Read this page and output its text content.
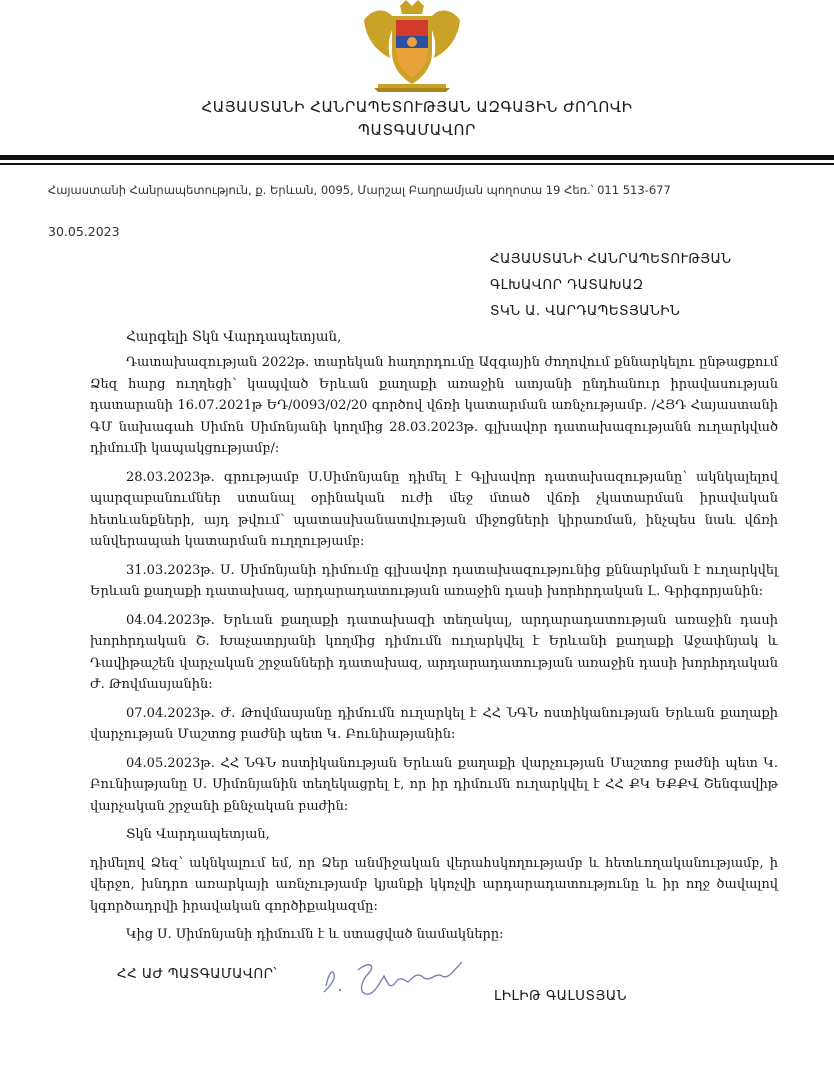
ՀԱՅԱՍՏԱՆԻ ՀԱՆՐԱՊԵՏՈՒԹՅԱՆ ԱԶԳԱՅԻՆ ԺՈՂՈՎԻ
ՊԱՏԳԱՄԱՎՈՐ
Հայաստանի Հանրապետություն, ք. Երևան, 0095, Մարշալ Բաղրամյան պողոտա 19 Հեռ.՝ 011 513-677
30.05.2023
ՀԱՅԱՍՏԱՆԻ ՀԱՆՐԱՊԵՏՈՒԹՅԱՆ
ԳԼԽԱՎՈՐ ԴԱՏԱԽԱԶ
ՏԿՆ Ա. ՎԱՐԴԱՊԵՏՅԱՆԻՆ
Հարգելի Տկն Վարդապետյան,

Դատախազության 2022թ. տարեկան հաղորդումը Ազգային ժողովում քննարկելու ընթացքում Ձեզ հարց ուղղեցի՝ կապված Երևան քաղաքի առաջին ատյանի ընդհանուր իրավասության դատարանի 16.07.2021թ ԵԴ/0093/02/20 գործով վճռի կատարման առնչությամբ. /ՀՅԴ Հայաստանի ԳՄ նախագահ Սիմոն Սիմոնյանի կողմից 28.03.2023թ. գլխավոր դատախազությանն ուղարկված դիմումի կապակցությամբ/:

28.03.2023թ. գրությամբ Ս.Սիմոնյանը դիմել է Գլխավոր դատախազությանը՝ ակնկալելով պարզաբանումներ ստանալ օրինական ուժի մեջ մտած վճռի չկատարման իրավական հետևանքների, այդ թվում՝ պատասխանատվության միջոցների կիրառման, ինչպես նաև վճռի անվերապահ կատարման ուղղությամբ:

31.03.2023թ. Ս. Սիմոնյանի դիմումը գլխավոր դատախազությունից քննարկման է ուղարկվել Երևան քաղաքի դատախազ, արդարադատության առաջին դասի խորհրդական Լ. Գրիգորյանին:

04.04.2023թ. Երևան քաղաքի դատախազի տեղակալ, արդարադատության առաջին դասի խորհրդական Շ. Խաչատրյանի կողմից դիմումն ուղարկվել է Երևանի քաղաքի Աջափնյակ և Դավիթաշեն վարչական շրջանների դատախազ, արդարադատության առաջին դասի խորհրդական Ժ. Թովմասյանին:

07.04.2023թ. Ժ. Թովմասյանը դիմումն ուղարկել է ՀՀ ՆԳՆ ոստիկանության Երևան քաղաքի վարչության Մաշտոց բաժնի պետ Կ. Բունիաթյանին:

04.05.2023թ. ՀՀ ՆԳՆ ոստիկանության Երևան քաղաքի վարչության Մաշտոց բաժնի պետ Կ. Բունիաթյանը Ս. Սիմոնյանին տեղեկացրել է, որ իր դիմումն ուղարկվել է ՀՀ ՔԿ ԵՔՔՎ Շենգավիթ վարչական շրջանի քննչական բաժին:

Տկն Վարդապետյան,

դիմելով Ձեզ՝ ակնկալում եմ, որ Ձեր անմիջական վերահսկողությամբ և հետևողականությամբ, ի վերջո, խնդրո առարկայի առնչությամբ կյանքի կկոչվի արդարադատությունը և իր ողջ ծավալով կգործադրվի իրավական գործիքակազմը:

Կից Ս. Սիմոնյանի դիմումն է և ստացված նամակները:

ՀՀ ԱԺ ՊԱՏԳԱՄԱՎՈՐ՝
ԼԻԼԻԹ ԳԱԼՍՏՅԱՆ
